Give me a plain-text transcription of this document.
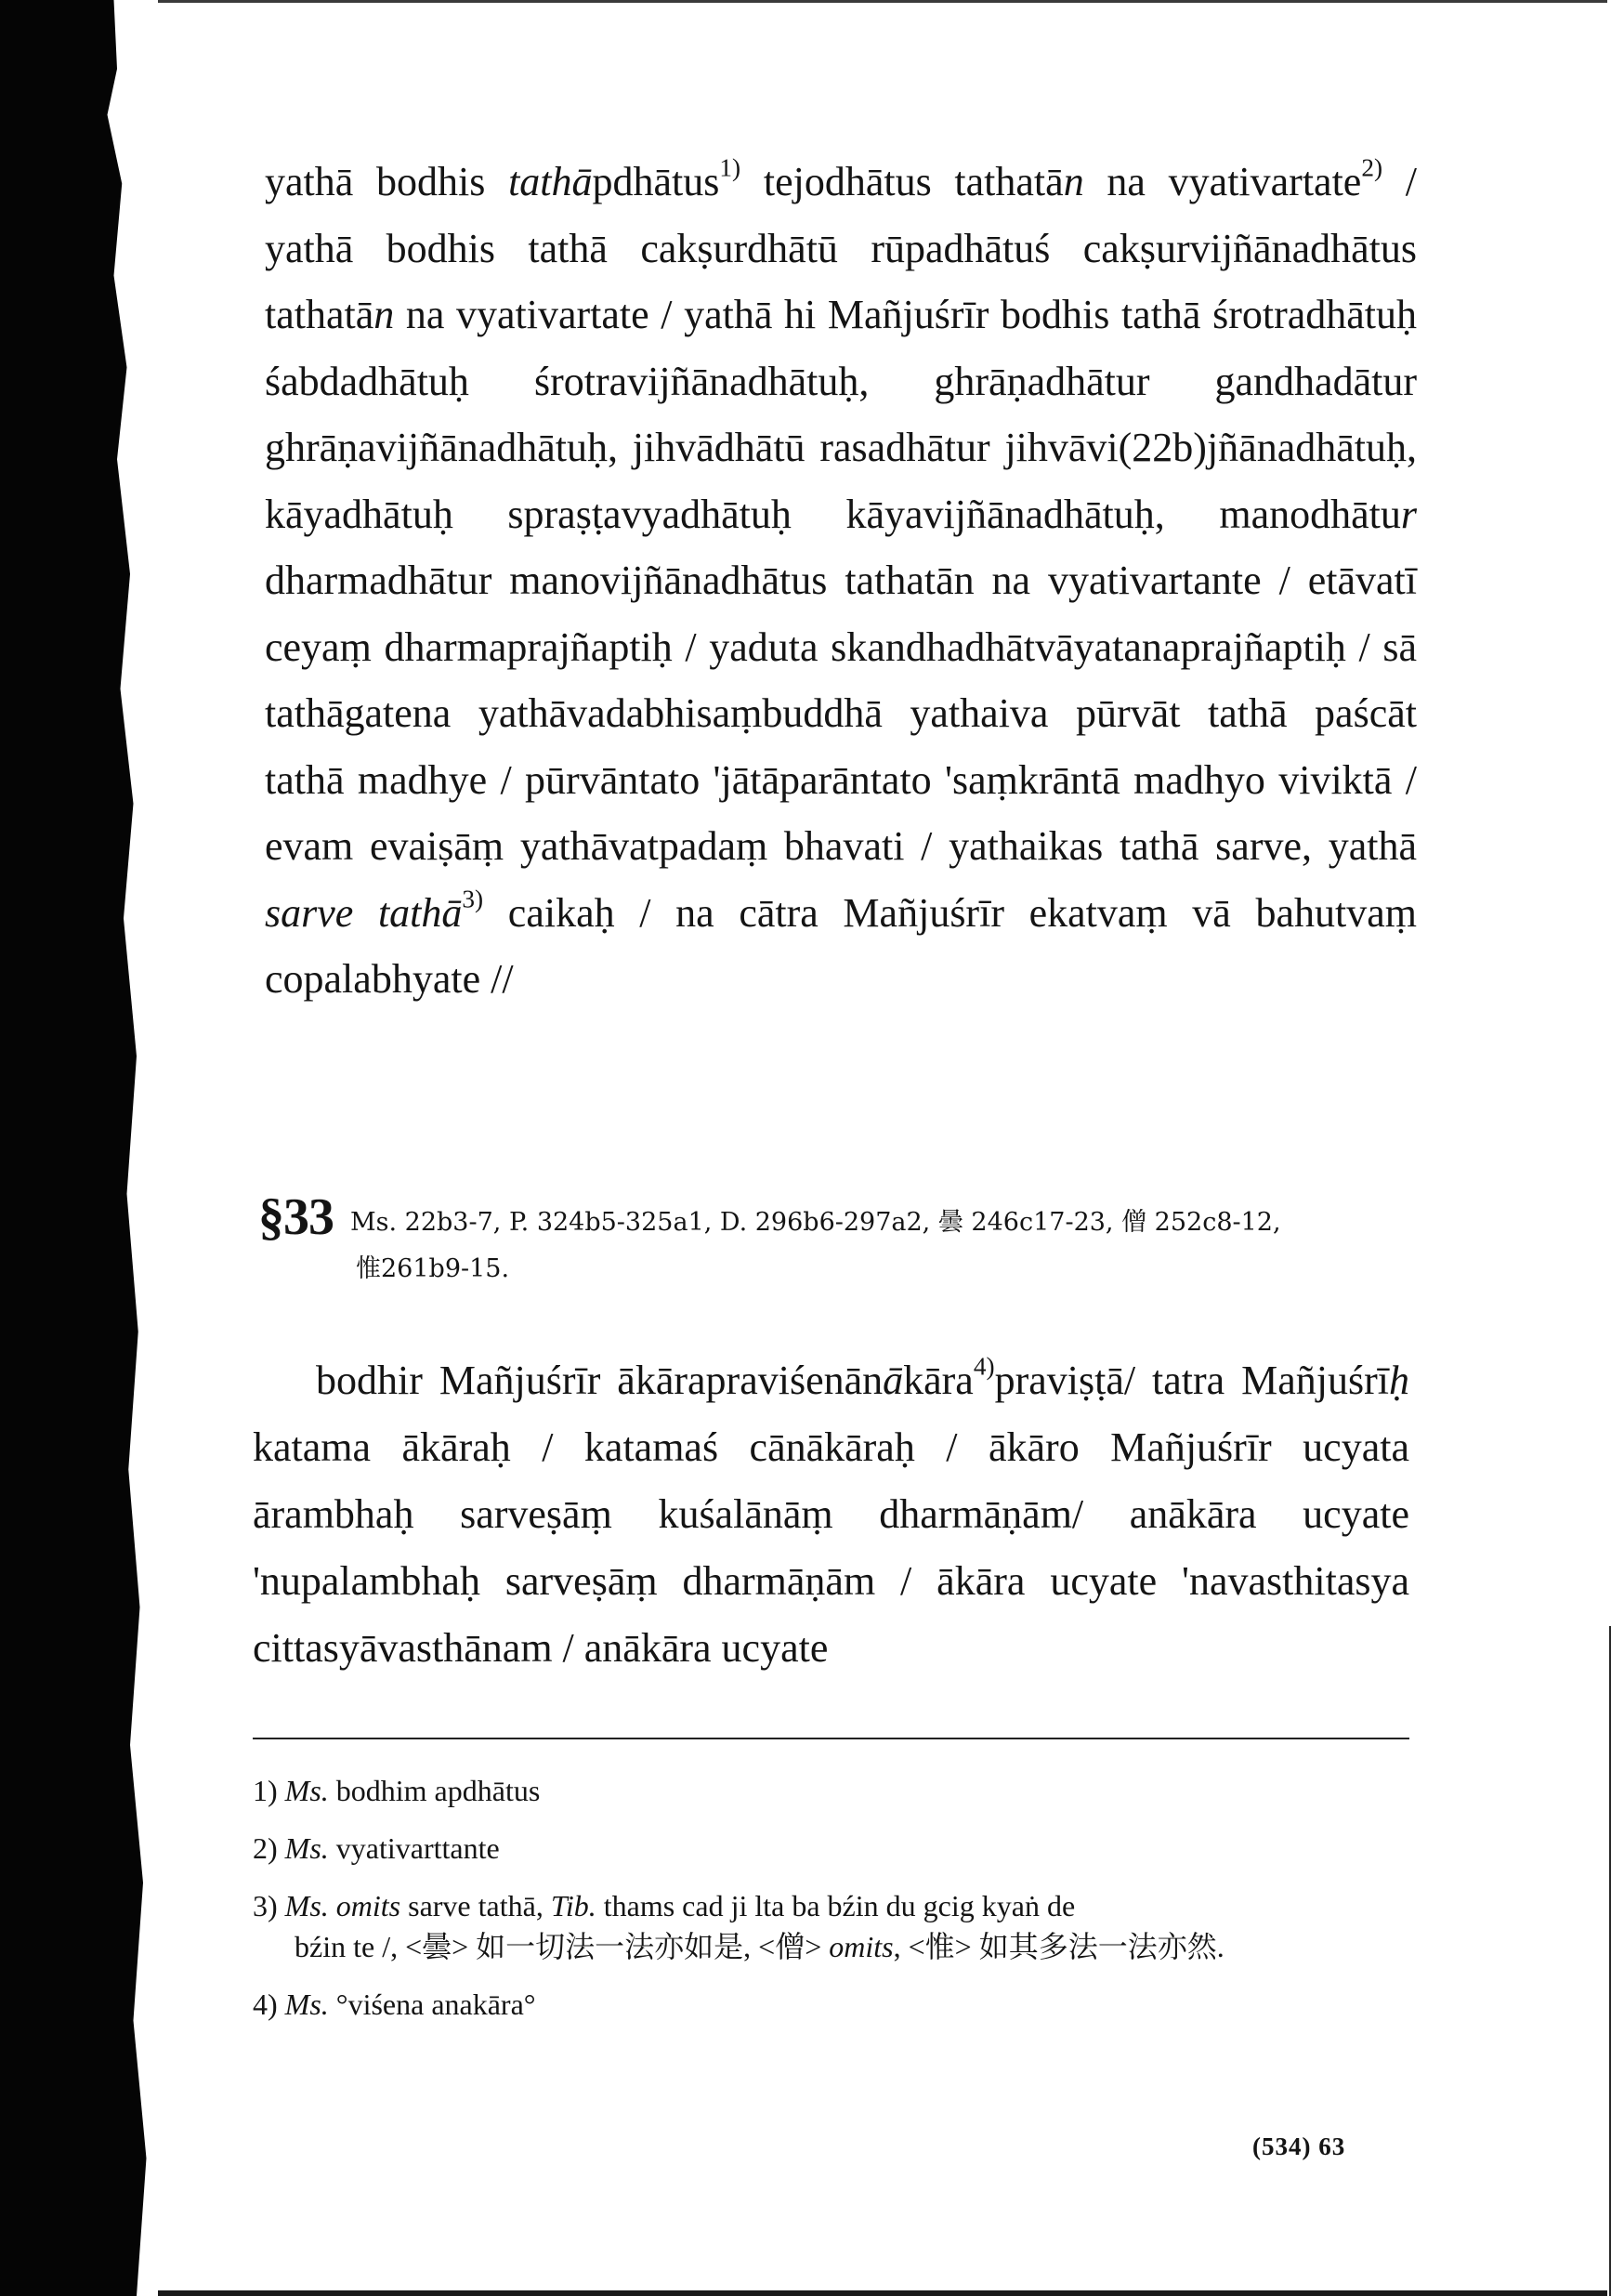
yathā bodhis tathāpdhātus$^{1)}$ tejodhātus tathatān na vyativartate$^{2)}$ / yathā bodhis tathā cakṣurdhātū rūpadhātuś cakṣurvijñānadhātus tathatān na vyativartate / yathā hi Mañjuśrīr bodhis tathā śrotradhātuḥ śabdadhātuḥ śrotravijñānadhātuḥ, ghrāṇadhātur gandhadātur ghrāṇavijñānadhātuḥ, jihvādhātū rasadhātur jihvāvi(22b)jñānadhātuḥ, kāyadhātuḥ spraṣṭavyadhātuḥ kāyavijñānadhātuḥ, manodhātur dharmadhātur manovijñānadhātus tathatān na vyativartante / etāvatī ceyaṃ dharmaprajñaptiḥ / yaduta skandhadhātvāyatanaprajñaptiḥ / sā tathāgatena yathāvadabhisaṃbuddhā yathaiva pūrvāt tathā paścāt tathā madhye / pūrvāntato 'jātāparāntato 'saṃkrāntā madhyo viviktā / evam evaiṣāṃ yathāvatpadaṃ bhavati / yathaikas tathā sarve, yathā sarve tathā$^{3)}$ caikaḥ / na cātra Mañjuśrīr ekatvaṃ vā bahutvaṃ copalabhyate //

§33 Ms. 22b3-7, P. 324b5-325a1, D. 296b6-297a2, 曇 246c17-23, 僧 252c8-12,
惟261b9-15.

bodhir Mañjuśrīr ākārapraviśenānākāra$^{4)}$praviṣṭā/ tatra Mañjuśrīḥ katama ākāraḥ / katamaś cānākāraḥ / ākāro Mañjuśrīr ucyata ārambhaḥ sarveṣāṃ kuśalānāṃ dharmāṇām/ anākāra ucyate 'nupalambhaḥ sarveṣāṃ dharmāṇām / ākāra ucyate 'navasthitasya cittasyāvasthānam / anākāra ucyate

1) Ms. bodhim apdhātus

2) Ms. vyativarttante

3) Ms. omits sarve tathā, Tib. thams cad ji lta ba bźin du gcig kyaṅ de
bźin te /, <曇> 如一切法一法亦如是, <僧> omits, <惟> 如其多法一法亦然.

4) Ms. °viśena anakāra°

(534) 63
